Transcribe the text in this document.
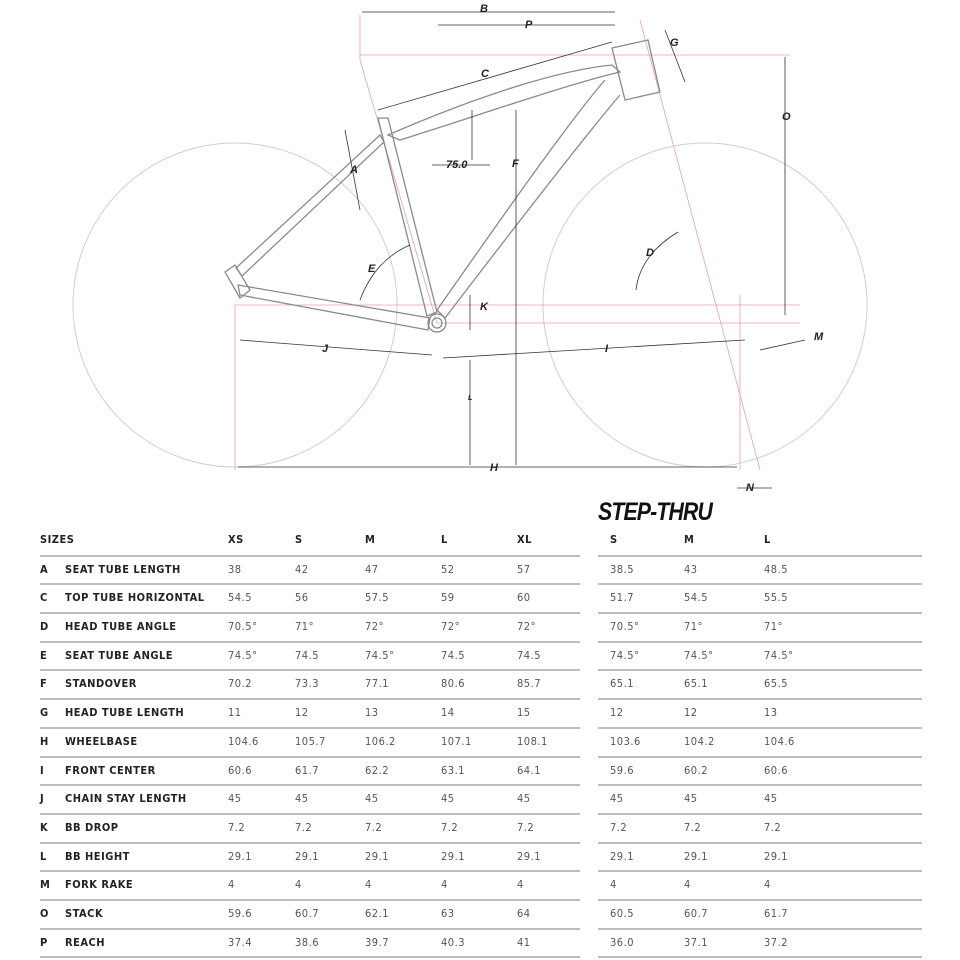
B
P
G
C
O
A	F
75.0
D
E
K
M
J	I
L
H
N
STEP-THRU
SIZES	XS	S	M	L	XL
A SEAT TUBE LENGTH	38	42	47	52	57
C TOP TUBE HORIZONTAL 54.5	56	57.5	59	60
D HEAD TUBE ANGLE	70.5°	71°	72°	72°	72°
E SEAT TUBE ANGLE	74.5°	74.5	74.5°	74.5	74.5
F STANDOVER	70.2	73.3	77.1	80.6	85.7
G HEAD TUBE LENGTH	11	12	13	14	15
H WHEELBASE	104.6	105.7	106.2	107.1	108.1
I FRONT CENTER	60.6	61.7	62.2	63.1	64.1
J CHAIN STAY LENGTH	45	45	45	45	45
K BB DROP	7.2	7.2	7.2	7.2	7.2
L BB HEIGHT	29.1	29.1	29.1	29.1	29.1
M FORK RAKE	4	4	4	4	4
O STACK	59.6	60.7	62.1	63	64
P REACH	37.4	38.6	39.7	40.3	41
S	M	L
38.5	43	48.5
51.7	54.5	55.5
70.5°	71°	71°
74.5°	74.5°	74.5°
65.1	65.1	65.5
12	12	13
103.6	104.2	104.6
59.6	60.2	60.6
45	45	45
7.2	7.2	7.2
29.1	29.1	29.1
4	4	4
60.5	60.7	61.7
36.0	37.1	37.2
